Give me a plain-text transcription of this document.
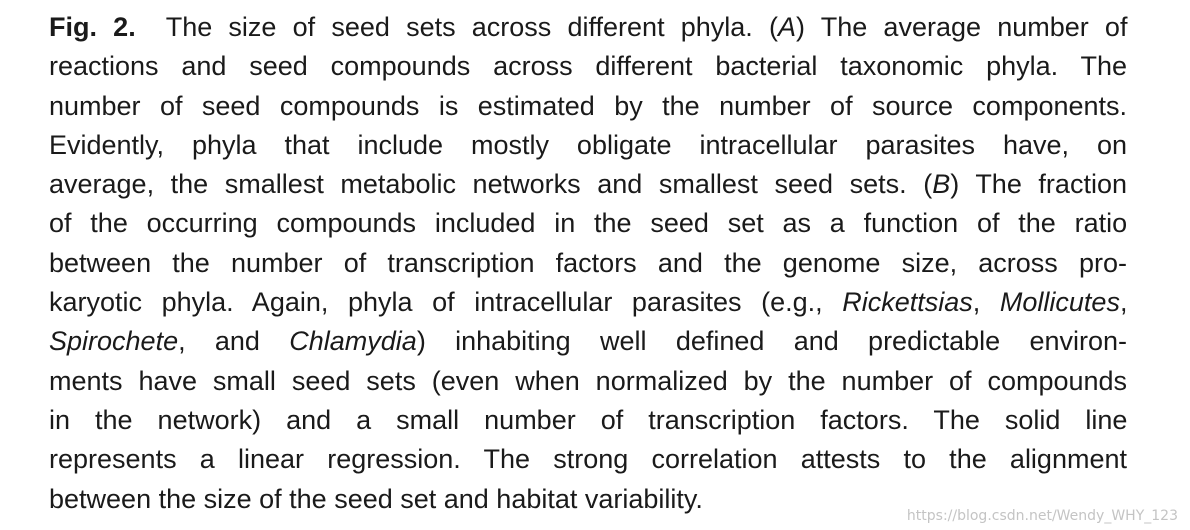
Fig. 2. The size of seed sets across different phyla. (A) The average number of
reactions and seed compounds across different bacterial taxonomic phyla. The
number of seed compounds is estimated by the number of source components.
Evidently, phyla that include mostly obligate intracellular parasites have, on
average, the smallest metabolic networks and smallest seed sets. (B) The fraction
of the occurring compounds included in the seed set as a function of the ratio
between the number of transcription factors and the genome size, across pro-
karyotic phyla. Again, phyla of intracellular parasites (e.g., Rickettsias, Mollicutes,
Spirochete, and Chlamydia) inhabiting well defined and predictable environ-
ments have small seed sets (even when normalized by the number of compounds
in the network) and a small number of transcription factors. The solid line
represents a linear regression. The strong correlation attests to the alignment
between the size of the seed set and habitat variability.
https://blog.csdn.net/Wendy_WHY_123
